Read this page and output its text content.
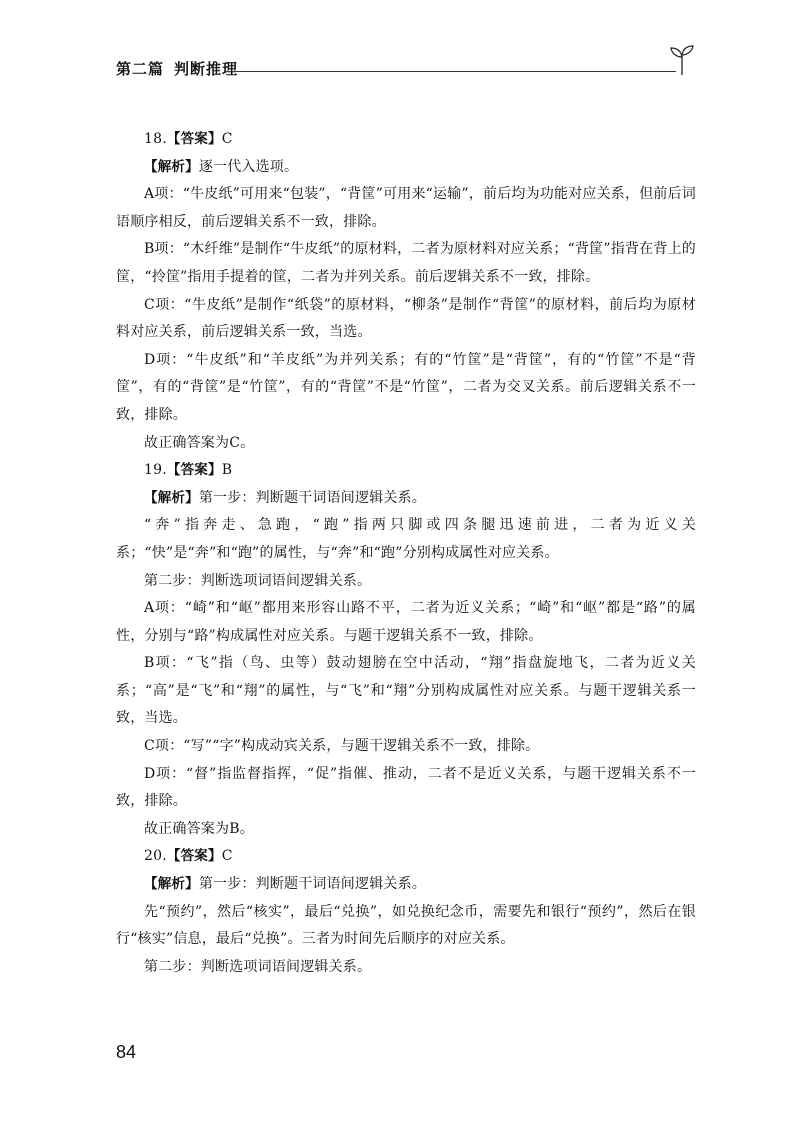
第二篇 判断推理

18.【答案】C

【解析】逐一代入选项。

A项：“牛皮纸”可用来“包装”，“背筐”可用来“运输”，前后均为功能对应关系，但前后词语顺序相反，前后逻辑关系不一致，排除。

B项：“木纤维”是制作“牛皮纸”的原材料，二者为原材料对应关系；“背筐”指背在背上的筐，“拎筐”指用手提着的筐，二者为并列关系。前后逻辑关系不一致，排除。

C项：“牛皮纸”是制作“纸袋”的原材料，“柳条”是制作“背筐”的原材料，前后均为原材料对应关系，前后逻辑关系一致，当选。

D项：“牛皮纸”和“羊皮纸”为并列关系；有的“竹筐”是“背筐”，有的“竹筐”不是“背筐”，有的“背筐”是“竹筐”，有的“背筐”不是“竹筐”，二者为交叉关系。前后逻辑关系不一致，排除。

故正确答案为C。

19.【答案】B

【解析】第一步：判断题干词语间逻辑关系。

“奔”指奔走、急跑，“跑”指两只脚或四条腿迅速前进，二者为近义关系；“快”是“奔”和“跑”的属性，与“奔”和“跑”分别构成属性对应关系。

第二步：判断选项词语间逻辑关系。

A项：“崎”和“岖”都用来形容山路不平，二者为近义关系；“崎”和“岖”都是“路”的属性，分别与“路”构成属性对应关系。与题干逻辑关系不一致，排除。

B项：“飞”指（鸟、虫等）鼓动翅膀在空中活动，“翔”指盘旋地飞，二者为近义关系；“高”是“飞”和“翔”的属性，与“飞”和“翔”分别构成属性对应关系。与题干逻辑关系一致，当选。

C项：“写”“字”构成动宾关系，与题干逻辑关系不一致，排除。

D项：“督”指监督指挥，“促”指催、推动，二者不是近义关系，与题干逻辑关系不一致，排除。

故正确答案为B。

20.【答案】C

【解析】第一步：判断题干词语间逻辑关系。

先“预约”，然后“核实”，最后“兑换”，如兑换纪念币，需要先和银行“预约”，然后在银行“核实”信息，最后“兑换”。三者为时间先后顺序的对应关系。

第二步：判断选项词语间逻辑关系。

84
